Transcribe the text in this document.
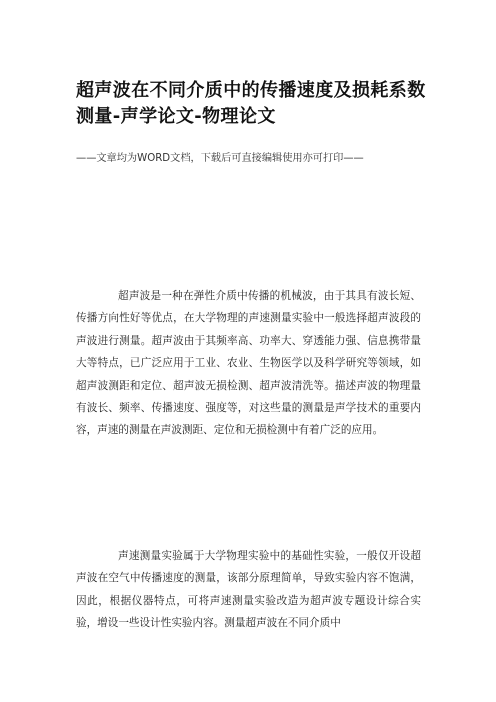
超声波在不同介质中的传播速度及损耗系数测量-声学论文-物理论文

——文章均为WORD文档，下载后可直接编辑使用亦可打印——

超声波是一种在弹性介质中传播的机械波，由于其具有波长短、传播方向性好等优点，在大学物理的声速测量实验中一般选择超声波段的声波进行测量。超声波由于其频率高、功率大、穿透能力强、信息携带量大等特点，已广泛应用于工业、农业、生物医学以及科学研究等领域，如超声波测距和定位、超声波无损检测、超声波清洗等。描述声波的物理量有波长、频率、传播速度、强度等，对这些量的测量是声学技术的重要内容，声速的测量在声波测距、定位和无损检测中有着广泛的应用。

声速测量实验属于大学物理实验中的基础性实验，一般仅开设超声波在空气中传播速度的测量，该部分原理简单，导致实验内容不饱满，因此，根据仪器特点，可将声速测量实验改造为超声波专题设计综合实验，增设一些设计性实验内容。测量超声波在不同介质中
